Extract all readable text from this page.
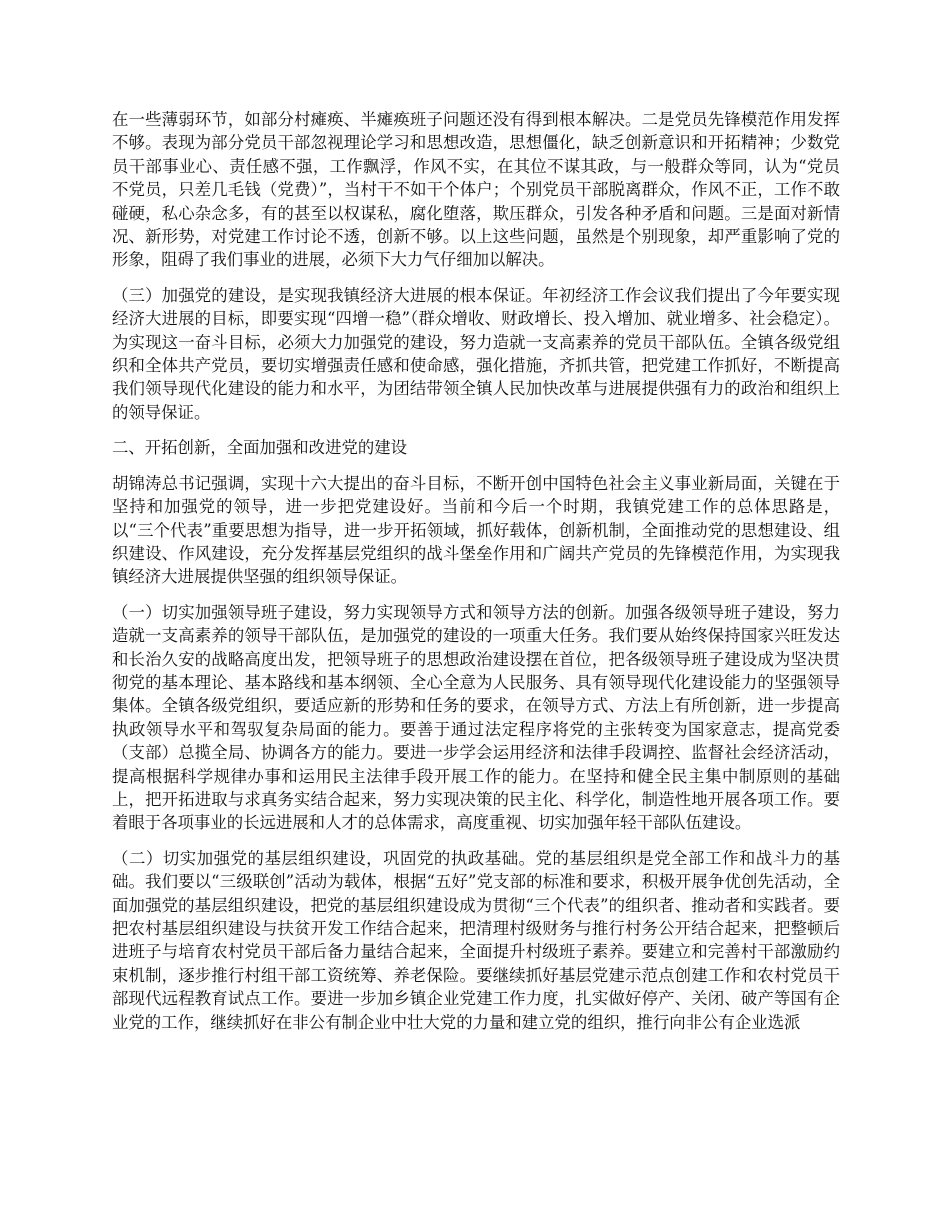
在一些薄弱环节，如部分村瘫痪、半瘫痪班子问题还没有得到根本解决。二是党员先锋模范作用发挥不够。表现为部分党员干部忽视理论学习和思想改造，思想僵化，缺乏创新意识和开拓精神；少数党员干部事业心、责任感不强，工作飘浮，作风不实，在其位不谋其政，与一般群众等同，认为“党员不党员，只差几毛钱（党费）”，当村干不如干个体户；个别党员干部脱离群众，作风不正，工作不敢碰硬，私心杂念多，有的甚至以权谋私，腐化堕落，欺压群众，引发各种矛盾和问题。三是面对新情况、新形势，对党建工作讨论不透，创新不够。以上这些问题，虽然是个别现象，却严重影响了党的形象，阻碍了我们事业的进展，必须下大力气仔细加以解决。

（三）加强党的建设，是实现我镇经济大进展的根本保证。年初经济工作会议我们提出了今年要实现经济大进展的目标，即要实现“四增一稳”（群众增收、财政增长、投入增加、就业增多、社会稳定）。为实现这一奋斗目标，必须大力加强党的建设，努力造就一支高素养的党员干部队伍。全镇各级党组织和全体共产党员，要切实增强责任感和使命感，强化措施，齐抓共管，把党建工作抓好，不断提高我们领导现代化建设的能力和水平，为团结带领全镇人民加快改革与进展提供强有力的政治和组织上的领导保证。

二、开拓创新，全面加强和改进党的建设

胡锦涛总书记强调，实现十六大提出的奋斗目标，不断开创中国特色社会主义事业新局面，关键在于坚持和加强党的领导，进一步把党建设好。当前和今后一个时期，我镇党建工作的总体思路是，以“三个代表”重要思想为指导，进一步开拓领域，抓好载体，创新机制，全面推动党的思想建设、组织建设、作风建设，充分发挥基层党组织的战斗堡垒作用和广阔共产党员的先锋模范作用，为实现我镇经济大进展提供坚强的组织领导保证。

（一）切实加强领导班子建设，努力实现领导方式和领导方法的创新。加强各级领导班子建设，努力造就一支高素养的领导干部队伍，是加强党的建设的一项重大任务。我们要从始终保持国家兴旺发达和长治久安的战略高度出发，把领导班子的思想政治建设摆在首位，把各级领导班子建设成为坚决贯彻党的基本理论、基本路线和基本纲领、全心全意为人民服务、具有领导现代化建设能力的坚强领导集体。全镇各级党组织，要适应新的形势和任务的要求，在领导方式、方法上有所创新，进一步提高执政领导水平和驾驭复杂局面的能力。要善于通过法定程序将党的主张转变为国家意志，提高党委（支部）总揽全局、协调各方的能力。要进一步学会运用经济和法律手段调控、监督社会经济活动，提高根据科学规律办事和运用民主法律手段开展工作的能力。在坚持和健全民主集中制原则的基础上，把开拓进取与求真务实结合起来，努力实现决策的民主化、科学化，制造性地开展各项工作。要着眼于各项事业的长远进展和人才的总体需求，高度重视、切实加强年轻干部队伍建设。

（二）切实加强党的基层组织建设，巩固党的执政基础。党的基层组织是党全部工作和战斗力的基础。我们要以“三级联创”活动为载体，根据“五好”党支部的标准和要求，积极开展争优创先活动，全面加强党的基层组织建设，把党的基层组织建设成为贯彻“三个代表”的组织者、推动者和实践者。要把农村基层组织建设与扶贫开发工作结合起来，把清理村级财务与推行村务公开结合起来，把整顿后进班子与培育农村党员干部后备力量结合起来，全面提升村级班子素养。要建立和完善村干部激励约束机制，逐步推行村组干部工资统筹、养老保险。要继续抓好基层党建示范点创建工作和农村党员干部现代远程教育试点工作。要进一步加乡镇企业党建工作力度，扎实做好停产、关闭、破产等国有企业党的工作，继续抓好在非公有制企业中壮大党的力量和建立党的组织，推行向非公有企业选派
